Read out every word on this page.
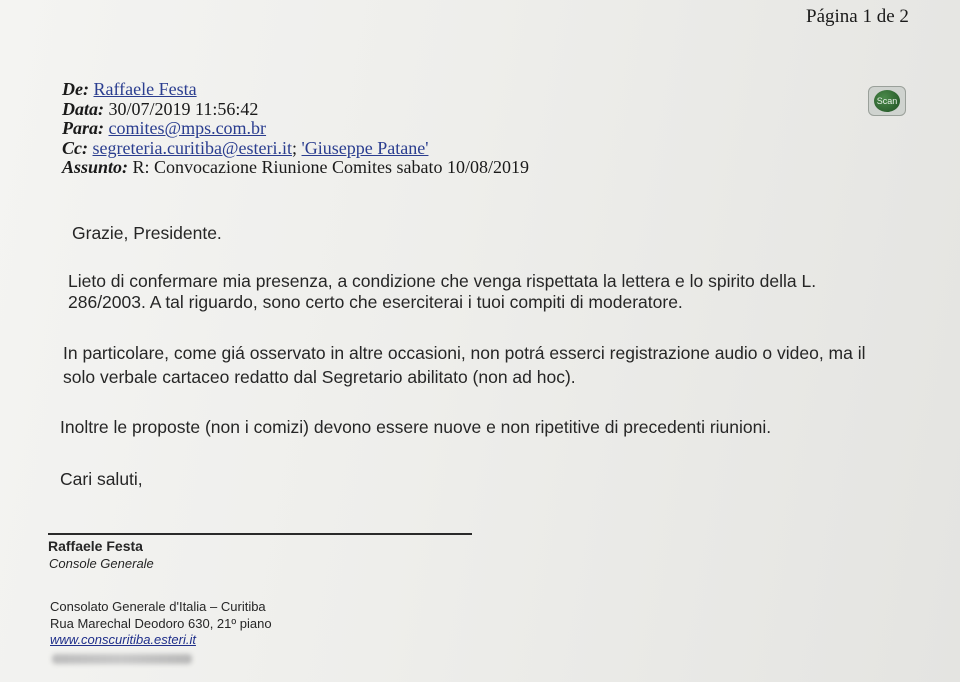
Página 1 de 2
De: Raffaele Festa
Data: 30/07/2019 11:56:42
Para: comites@mps.com.br
Cc: segreteria.curitiba@esteri.it; 'Giuseppe Patane'
Assunto: R: Convocazione Riunione Comites sabato 10/08/2019
Scan
Grazie, Presidente.
Lieto di confermare mia presenza, a condizione che venga rispettata la lettera e lo spirito della L.
286/2003. A tal riguardo, sono certo che eserciterai i tuoi compiti di moderatore.
In particolare, come giá osservato in altre occasioni, non potrá esserci registrazione audio o video, ma il
solo verbale cartaceo redatto dal Segretario abilitato (non ad hoc).
Inoltre le proposte (non i comizi) devono essere nuove e non ripetitive di precedenti riunioni.
Cari saluti,
Raffaele Festa
Console Generale
Consolato Generale d'Italia – Curitiba
Rua Marechal Deodoro 630, 21º piano
www.conscuritiba.esteri.it
